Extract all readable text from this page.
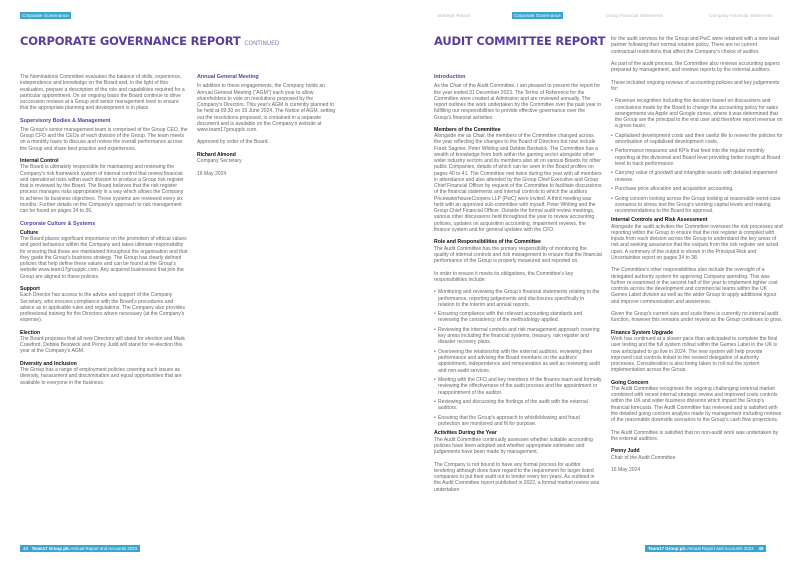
Corporate Governance
CORPORATE GOVERNANCE REPORT CONTINUED

The Nominations Committee evaluates the balance of skills, experience, independence and knowledge on the Board and, in the light of this evaluation, prepare a description of the role and capabilities required for a particular appointment. On an ongoing basis the Board continue to drive succession reviews at a Group and senior management level to ensure that the appropriate planning and development is in place.

Supervisory Bodies & Management

The Group's senior management team is comprised of the Group CEO, the Group CFO and the CEOs of each division of the Group. The team meets on a monthly basis to discuss and review the overall performance across the Group and share best practice and experiences.

Internal Control

The Board is ultimately responsible for maintaining and reviewing the Company's risk framework system of internal control that review financial and operational risks within each division to produce a Group risk register that is reviewed by the Board. The Board believes that the risk register process manages risks appropriately in a way which allows the Company to achieve its business objectives. These systems are reviewed every six months. Further details on the Company's approach to risk management can be found on pages 34 to 36.

Corporate Culture & Systems
Culture

The Board places significant importance on the promotion of ethical values and good behaviour within the Company and takes ultimate responsibility for ensuring that these are maintained throughout the organisation and that they guide the Group's business strategy. The Group has clearly defined policies that help define these values and can be found at the Group's website www.team17groupplc.com. Any acquired businesses that join the Group are aligned to these policies.

Support

Each Director has access to the advice and support of the Company Secretary, who ensures compliance with the Board's procedures and advice as to applicable rules and regulations. The Company also provides professional training for the Directors where necessary (at the Company's expense).

Election

The Board proposes that all new Directors will stand for election and Mark Crawford, Debbie Bestwick and Penny Judd will stand for re-election this year at the Company's AGM.

Diversity and Inclusion

The Group has a range of employment policies covering such issues as diversity, harassment and discrimination and equal opportunities that are available to everyone in the business.

Annual General Meeting

In addition to these engagements, the Company holds an Annual General Meeting ("AGM") each year to allow shareholders to vote on resolutions proposed by the Company's Directors. This year's AGM is currently planned to be held at 09:30 on 19 June 2024. The Notice of AGM, setting out the resolutions proposed, is contained in a separate document and is available on the Company's website at www.team17groupplc.com.

Approved by order of the Board.

Richard Almond

Company Secretary

16 May 2024

48 Team17 Group plc Annual Report and Accounts 2023
Strategic Report	Corporate Governance	Group Financial Statements	Company Financial Statements
AUDIT COMMITTEE REPORT
Introduction

As the Chair of the Audit Committee, I am pleased to present the report for the year ended 31 December 2023. The Terms of Reference for the Committee were created at Admission and are reviewed annually. The report outlines the work undertaken by the Committee over the past year in fulfilling our responsibilities to provide effective governance over the Group's financial activities.

Members of the Committee

Alongside me as Chair, the members of the Committee changed across the year reflecting the changes to the Board of Directors but now include Frank Sagnier, Peter Whiting and Debbie Bestwick. The Committee has a wealth of knowledge from both within the gaming sector alongside other wider industry sectors and its members also sit on various Boards for other public Companies, details of which can be seen in the Board profiles on pages 40 to 41. The Committee met twice during the year with all members in attendance and also attended by the Group Chief Executive and Group Chief Financial Officer by request of the Committee to facilitate discussions of the financial statements and internal controls to which the auditors PricewaterhouseCoopers LLP (PwC) were invited. A third meeting was held with an approved sub-committee with myself, Peter Whiting and the Group Chief Financial Officer. Outside the formal audit review meetings, various other discussions held throughout the year to review accounting policies, updates on acquisition accounting, impairment reviews, the finance system and for general updates with the CFO.

Role and Responsibilities of the Committee

The Audit Committee has the primary responsibility of monitoring the quality of internal controls and risk management to ensure that the financial performance of the Group is properly measured and reported on.

In order to ensure it meets its obligations, the Committee's key responsibilities include:

• Monitoring and reviewing the Group's financial statements relating to the performance, reporting judgements and disclosures specifically in relation to the interim and annual reports.
• Ensuring compliance with the relevant accounting standards and reviewing the consistency of the methodology applied.
• Reviewing the internal controls and risk management approach covering key areas including the financial systems, treasury, risk register and disaster recovery plans.
• Overseeing the relationship with the external auditors, reviewing their performance and advising the Board members on the auditors' appointment, independence and remuneration as well as reviewing audit and non-audit services.
• Meeting with the CFO and key members of the finance team and formally reviewing the effectiveness of the audit process and the appointment or reappointment of the auditor.
• Reviewing and discussing the findings of the audit with the external auditors.
• Ensuring that the Group's approach to whistleblowing and fraud protection are monitored and fit for purpose.
Activities During the Year

The Audit Committee continually assesses whether suitable accounting policies have been adopted and whether appropriate estimates and judgements have been made by management.

The Company is not bound to have any formal process for auditor tendering although does have regard to the requirement for larger listed companies to put their audit out to tender every ten years. As outlined in the Audit Committee report published in 2022, a formal market review was undertaken

for the audit services for the Group and PwC were retained with a new lead partner following their normal rotation policy. There are no current contractual restrictions that affect the Company's choice of auditor.

As part of the audit process, the Committee also reviews accounting papers prepared by management, and reviews reports by the external auditors.

These included ongoing reviews of accounting policies and key judgements for:

• Revenue recognition including the decision based on discussions and conclusions made by the Board to change the accounting policy for sales arrangements via Apple and Google stores, where it was determined that the Group are the principal to the end user and therefore report revenue on a gross basis.
• Capitalised development costs and their useful life to review the policies for amortisation of capitalised development costs.
• Performance measures and KPIs that feed into the regular monthly reporting at the divisional and Board level providing better insight at Board level to track performance.
• Carrying value of goodwill and intangible assets with detailed impairment reviews.
• Purchase price allocation and acquisition accounting.
• Going concern looking across the Group looking at reasonable worst-case scenarios to stress test the Group's working capital levels and making recommendations to the Board for approval.
Internal Controls and Risk Assessment

Alongside the audit activities the Committee oversees the risk processes and reporting within the Group to ensure that the risk register is compiled with inputs from each division across the Group to understand the key areas of risk and seeking assurance that the outputs from the risk register are acted upon. A summary of the output is shown in the Principal Risk and Uncertainties report on pages 34 to 38.

The Committee's other responsibilities also include the oversight of a delegated authority system for approving Company spending. This was further re-examined in the second half of the year to implement tighter cost controls across the development and commercial teams within the UK Games Label division as well as the wider Group to apply additional rigour and improve communication and awareness.

Given the Group's current size and scale there is currently no internal audit function, however this remains under review as the Group continues to grow.

Finance System Upgrade

Work has continued at a slower pace than anticipated to complete the final user testing and the full system rollout within the Games Label in the UK is now anticipated to go live in 2024. The new system will help provide improved cost controls linked to the revised delegation of authority processes. Consideration is also being taken to roll-out the system implementation across the Group.

Going Concern

The Audit Committee recognises the ongoing challenging external market combined with recent internal strategic review and improved costs controls within the UK and wider business divisions which impact the Group's financial forecasts. The Audit Committee has reviewed and is satisfied with the detailed going concern analysis made by management including reviews of the reasonable downside scenarios to the Group's cash flow projections.

The Audit Committee is satisfied that no non-audit work was undertaken by the external auditors.

Penny Judd

Chair of the Audit Committee

16 May 2024

Team17 Group plc Annual Report and Accounts 2023 49
